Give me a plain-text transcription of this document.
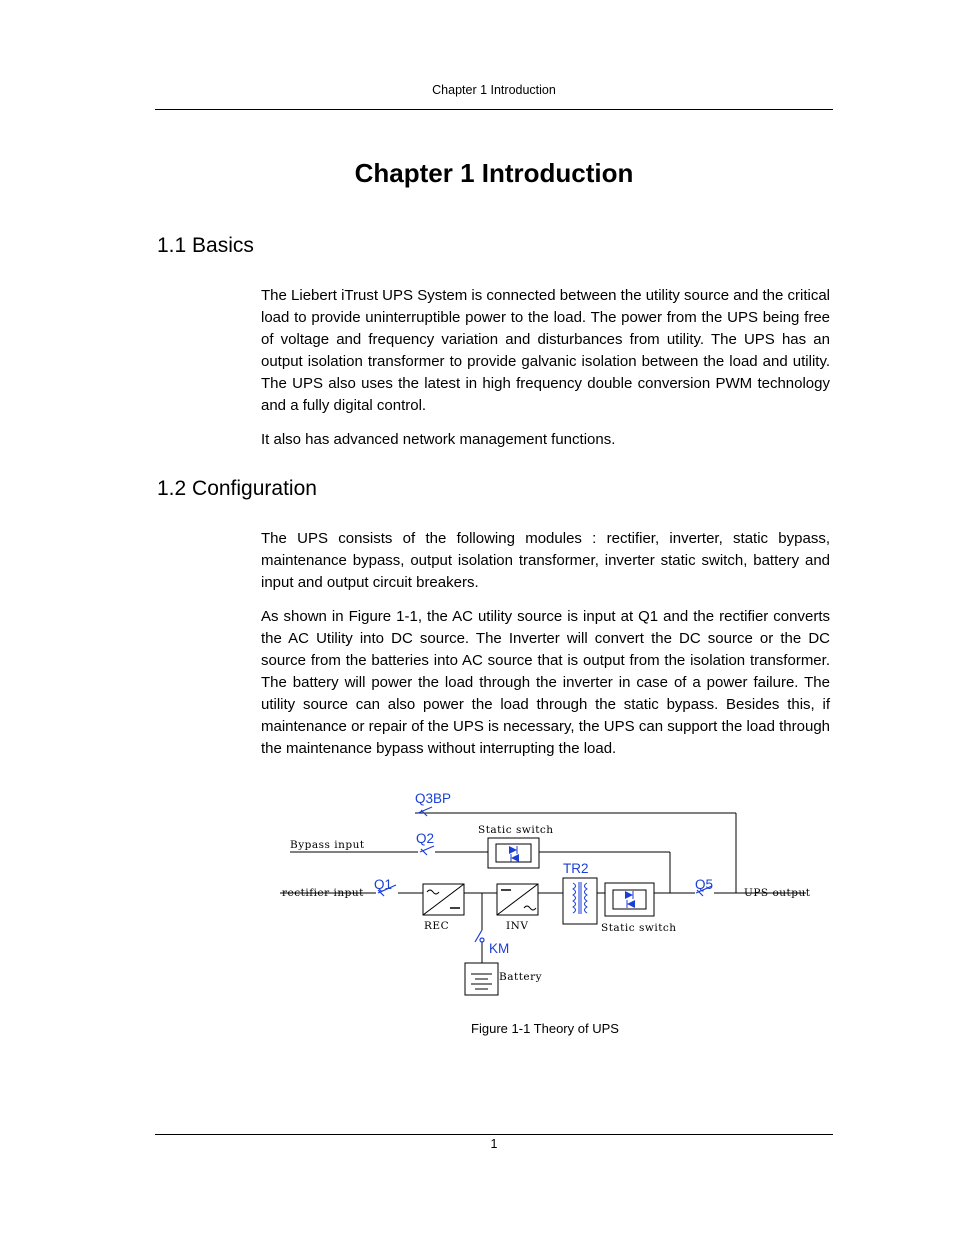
Chapter 1 Introduction
Chapter 1 Introduction
1.1 Basics

The Liebert iTrust UPS System is connected between the utility source and the critical load to provide uninterruptible power to the load. The power from the UPS being free of voltage and frequency variation and disturbances from utility. The UPS has an output isolation transformer to provide galvanic isolation between the load and utility. The UPS also uses the latest in high frequency double conversion PWM technology and a fully digital control.

It also has advanced network management functions.

1.2 Configuration

The UPS consists of the following modules : rectifier, inverter, static bypass, maintenance bypass, output isolation transformer, inverter static switch, battery and input and output circuit breakers.

As shown in Figure 1-1, the AC utility source is input at Q1 and the rectifier converts the AC Utility into DC source. The Inverter will convert the DC source or the DC source from the batteries into AC source that is output from the isolation transformer. The battery will power the load through the inverter in case of a power failure. The utility source can also power the load through the static bypass. Besides this, if maintenance or repair of the UPS is necessary, the UPS can support the load through the maintenance bypass without interrupting the load.

Q3BP
Q2
Q1	Q5
TR2
KM
Bypass input
rectifier input
Static switch
Static switch
REC	INV
Battery
UPS output
Figure 1-1 Theory of UPS
1
